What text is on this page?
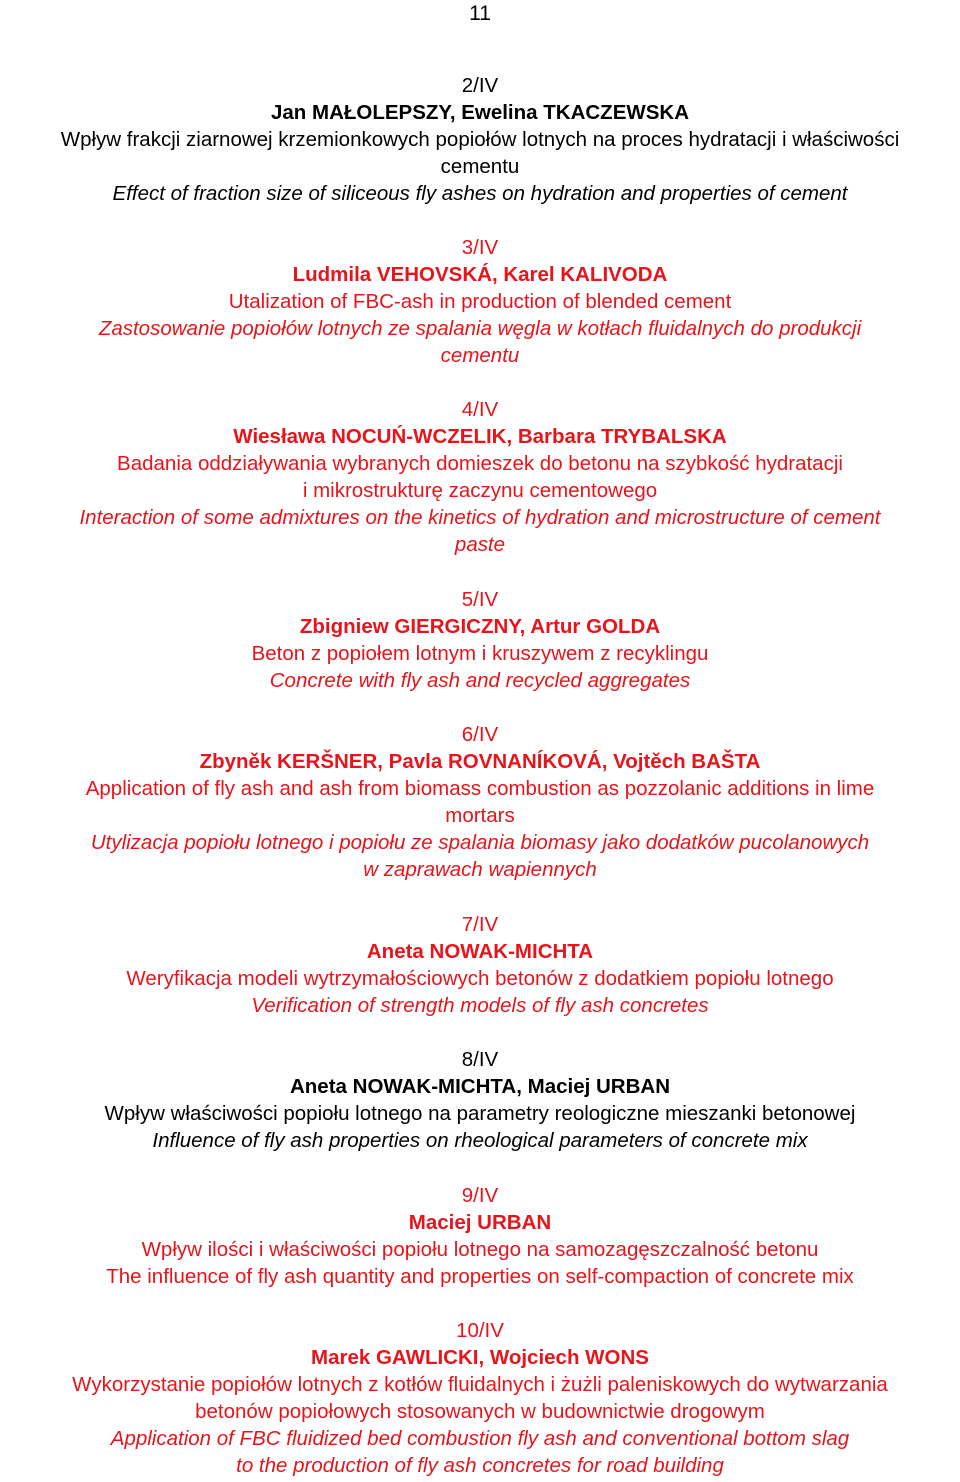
11
2/IV
Jan MAŁOLEPSZY, Ewelina TKACZEWSKA
Wpływ frakcji ziarnowej krzemionkowych popiołów lotnych na proces hydratacji i właściwości
cementu
Effect of fraction size of siliceous fly ashes on hydration and properties of cement
3/IV
Ludmila VEHOVSKÁ, Karel KALIVODA
Utalization of FBC-ash in production of blended cement
Zastosowanie popiołów lotnych ze spalania węgla w kotłach fluidalnych do produkcji
cementu
4/IV
Wiesława NOCUŃ-WCZELIK, Barbara TRYBALSKA
Badania oddziaływania wybranych domieszek do betonu na szybkość hydratacji
i mikrostrukturę zaczynu cementowego
Interaction of some admixtures on the kinetics of hydration and microstructure of cement
paste
5/IV
Zbigniew GIERGICZNY, Artur GOLDA
Beton z popiołem lotnym i kruszywem z recyklingu
Concrete with fly ash and recycled aggregates
6/IV
Zbyněk KERŠNER, Pavla ROVNANÍKOVÁ, Vojtěch BAŠTA
Application of fly ash and ash from biomass combustion as pozzolanic additions in lime
mortars
Utylizacja popiołu lotnego i popiołu ze spalania biomasy jako dodatków pucolanowych
w zaprawach wapiennych
7/IV
Aneta NOWAK-MICHTA
Weryfikacja modeli wytrzymałościowych betonów z dodatkiem popiołu lotnego
Verification of strength models of fly ash concretes
8/IV
Aneta NOWAK-MICHTA, Maciej URBAN
Wpływ właściwości popiołu lotnego na parametry reologiczne mieszanki betonowej
Influence of fly ash properties on rheological parameters of concrete mix
9/IV
Maciej URBAN
Wpływ ilości i właściwości popiołu lotnego na samozagęszczalność betonu
The influence of fly ash quantity and properties on self-compaction of concrete mix
10/IV
Marek GAWLICKI, Wojciech WONS
Wykorzystanie popiołów lotnych z kotłów fluidalnych i żużli paleniskowych do wytwarzania
betonów popiołowych stosowanych w budownictwie drogowym
Application of FBC fluidized bed combustion fly ash and conventional bottom slag
to the production of fly ash concretes for road building
